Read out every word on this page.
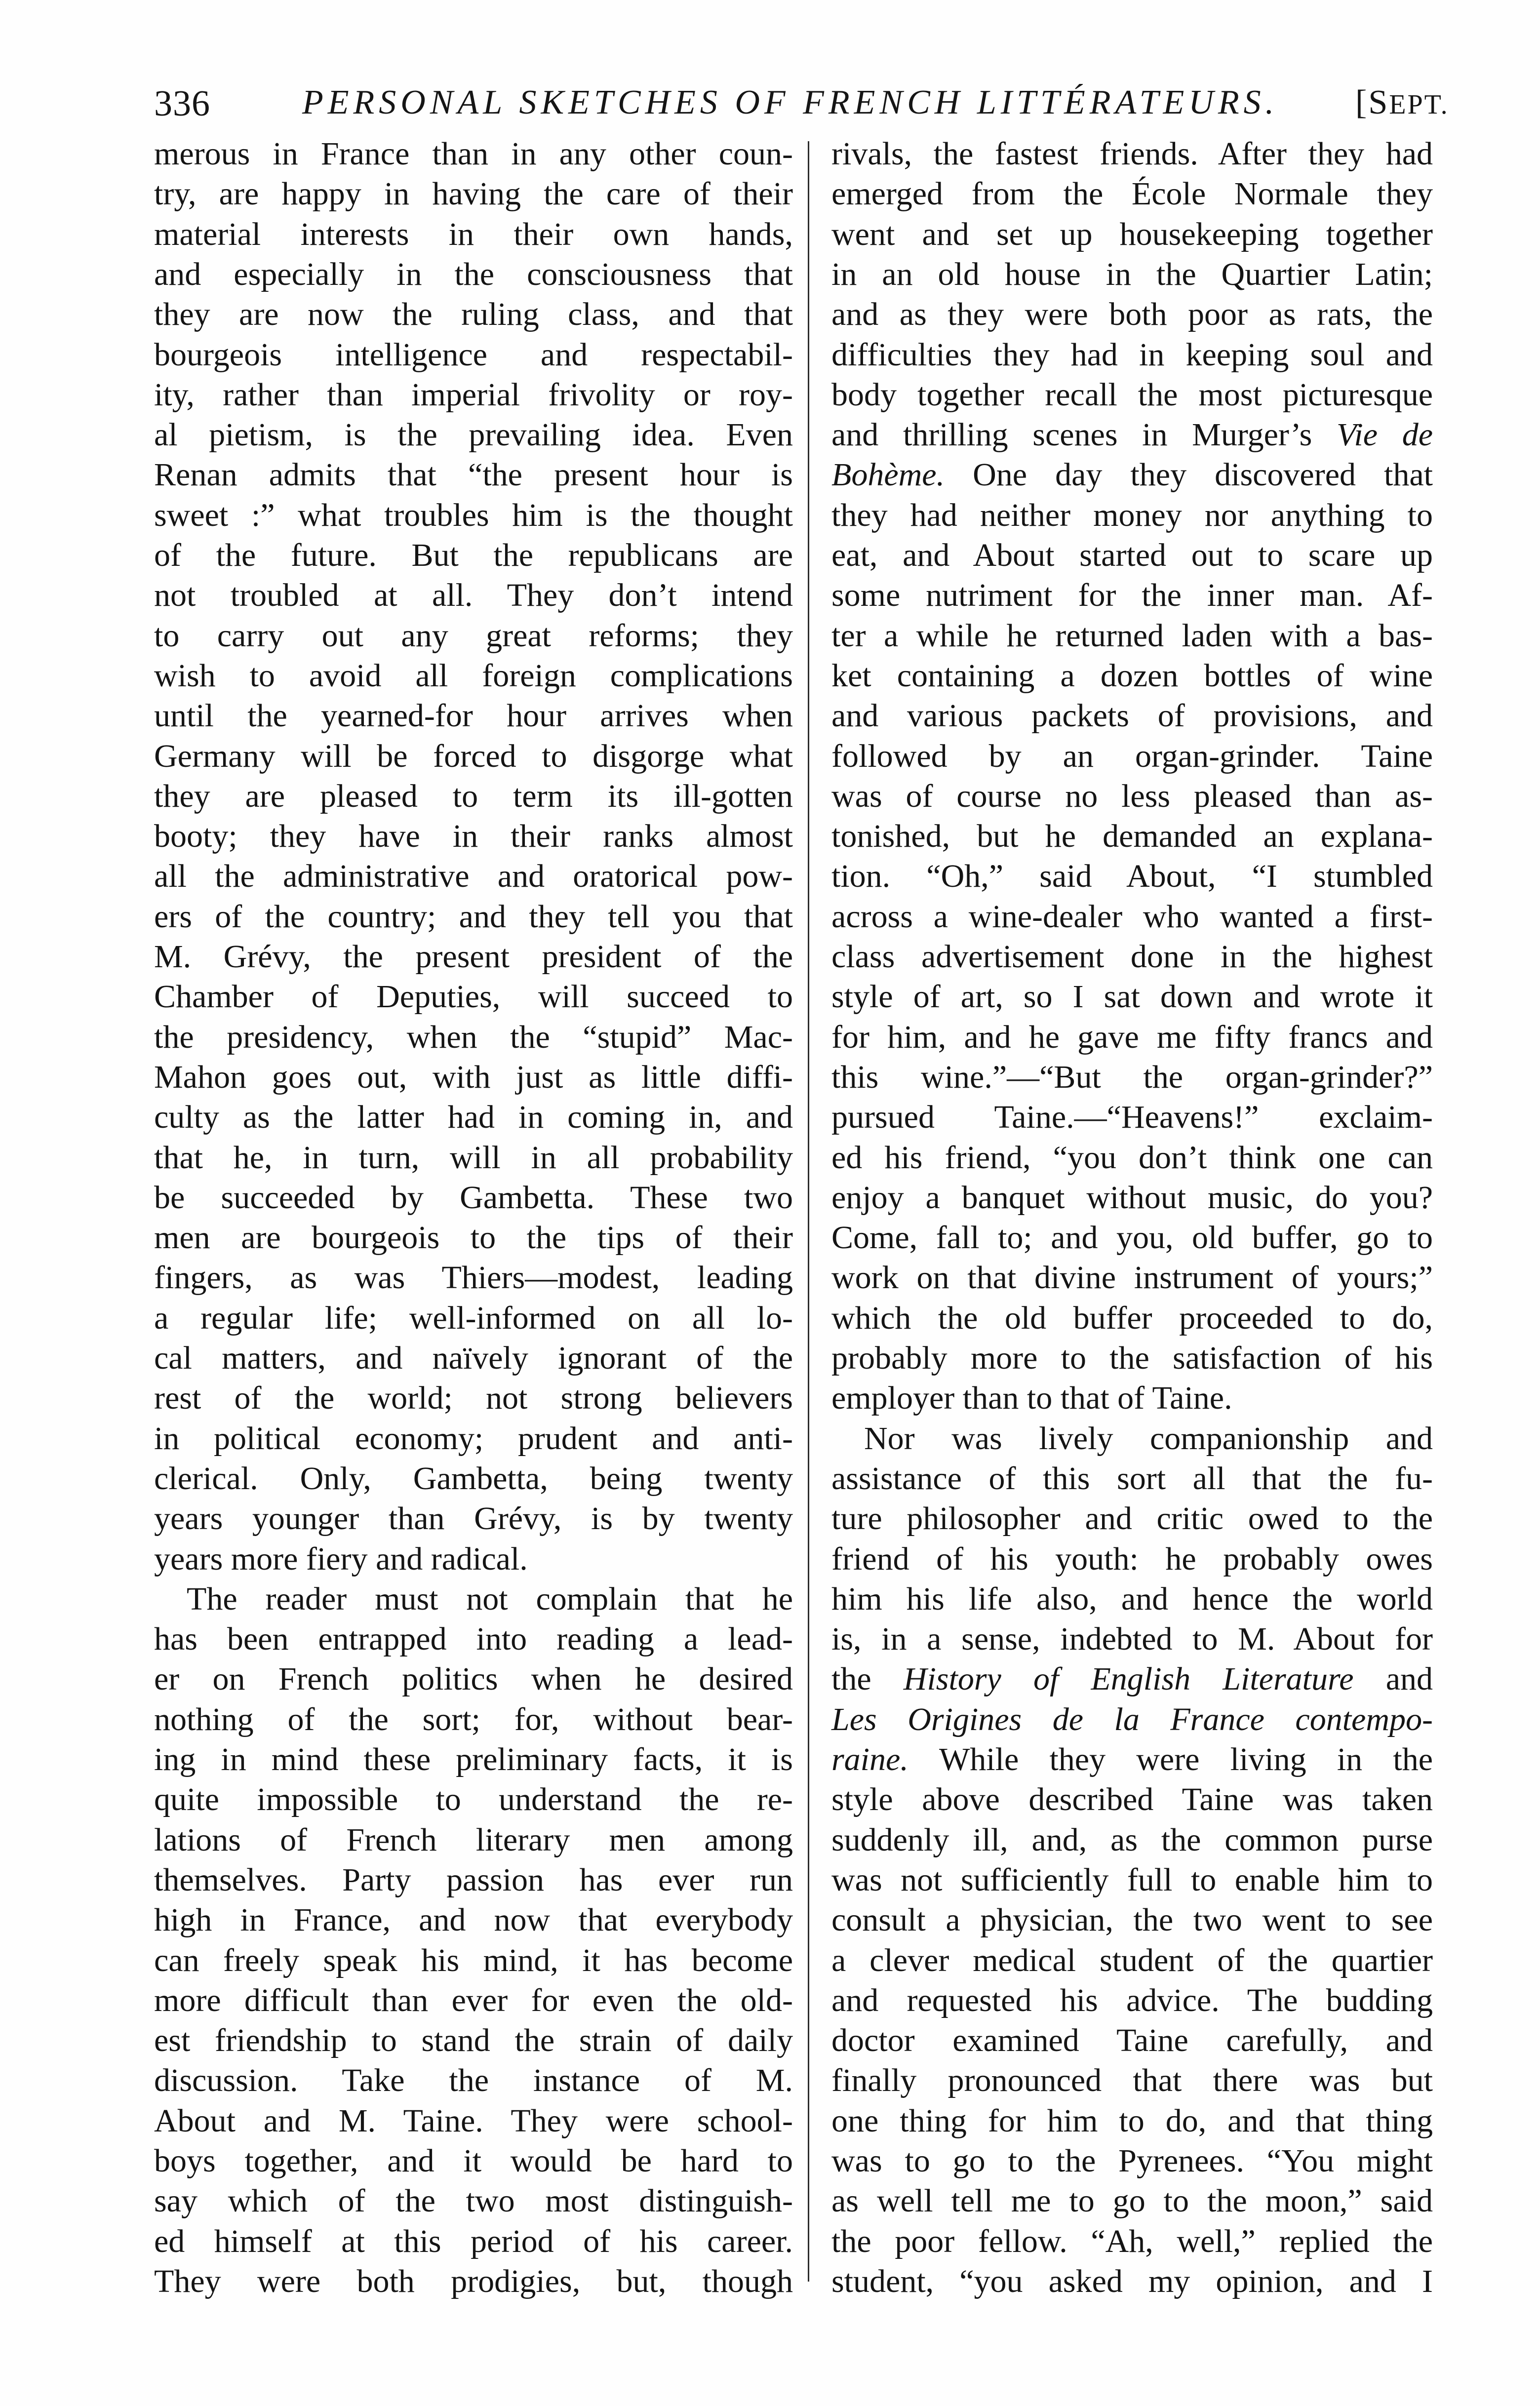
336	PERSONAL SKETCHES OF FRENCH LITTÉRATEURS. [SEPT.
merous in France than in any other coun-
try, are happy in having the care of their
material interests in their own hands,
and especially in the consciousness that
they are now the ruling class, and that
bourgeois intelligence and respectabil-
ity, rather than imperial frivolity or roy-
al pietism, is the prevailing idea. Even
Renan admits that “the present hour is
sweet :” what troubles him is the thought
of the future. But the republicans are
not troubled at all. They don’t intend
to carry out any great reforms; they
wish to avoid all foreign complications
until the yearned-for hour arrives when
Germany will be forced to disgorge what
they are pleased to term its ill-gotten
booty; they have in their ranks almost
all the administrative and oratorical pow-
ers of the country; and they tell you that
M. Grévy, the present president of the
Chamber of Deputies, will succeed to
the presidency, when the “stupid” Mac-
Mahon goes out, with just as little diffi-
culty as the latter had in coming in, and
that he, in turn, will in all probability
be succeeded by Gambetta. These two
men are bourgeois to the tips of their
fingers, as was Thiers—modest, leading
a regular life; well-informed on all lo-
cal matters, and naïvely ignorant of the
rest of the world; not strong believers
in political economy; prudent and anti-
clerical. Only, Gambetta, being twenty
years younger than Grévy, is by twenty
years more fiery and radical.
The reader must not complain that he
has been entrapped into reading a lead-
er on French politics when he desired
nothing of the sort; for, without bear-
ing in mind these preliminary facts, it is
quite impossible to understand the re-
lations of French literary men among
themselves. Party passion has ever run
high in France, and now that everybody
can freely speak his mind, it has become
more difficult than ever for even the old-
est friendship to stand the strain of daily
discussion. Take the instance of M.
About and M. Taine. They were school-
boys together, and it would be hard to
say which of the two most distinguish-
ed himself at this period of his career.
They were both prodigies, but, though
rivals, the fastest friends. After they had
emerged from the École Normale they
went and set up housekeeping together
in an old house in the Quartier Latin;
and as they were both poor as rats, the
difficulties they had in keeping soul and
body together recall the most picturesque
and thrilling scenes in Murger’s Vie de
Bohème. One day they discovered that
they had neither money nor anything to
eat, and About started out to scare up
some nutriment for the inner man. Af-
ter a while he returned laden with a bas-
ket containing a dozen bottles of wine
and various packets of provisions, and
followed by an organ-grinder. Taine
was of course no less pleased than as-
tonished, but he demanded an explana-
tion. “Oh,” said About, “I stumbled
across a wine-dealer who wanted a first-
class advertisement done in the highest
style of art, so I sat down and wrote it
for him, and he gave me fifty francs and
this wine.”—“But the organ-grinder?”
pursued Taine.—“Heavens!” exclaim-
ed his friend, “you don’t think one can
enjoy a banquet without music, do you?
Come, fall to; and you, old buffer, go to
work on that divine instrument of yours;”
which the old buffer proceeded to do,
probably more to the satisfaction of his
employer than to that of Taine.
Nor was lively companionship and
assistance of this sort all that the fu-
ture philosopher and critic owed to the
friend of his youth: he probably owes
him his life also, and hence the world
is, in a sense, indebted to M. About for
the History of English Literature and
Les Origines de la France contempo-
raine. While they were living in the
style above described Taine was taken
suddenly ill, and, as the common purse
was not sufficiently full to enable him to
consult a physician, the two went to see
a clever medical student of the quartier
and requested his advice. The budding
doctor examined Taine carefully, and
finally pronounced that there was but
one thing for him to do, and that thing
was to go to the Pyrenees. “You might
as well tell me to go to the moon,” said
the poor fellow. “Ah, well,” replied the
student, “you asked my opinion, and I
